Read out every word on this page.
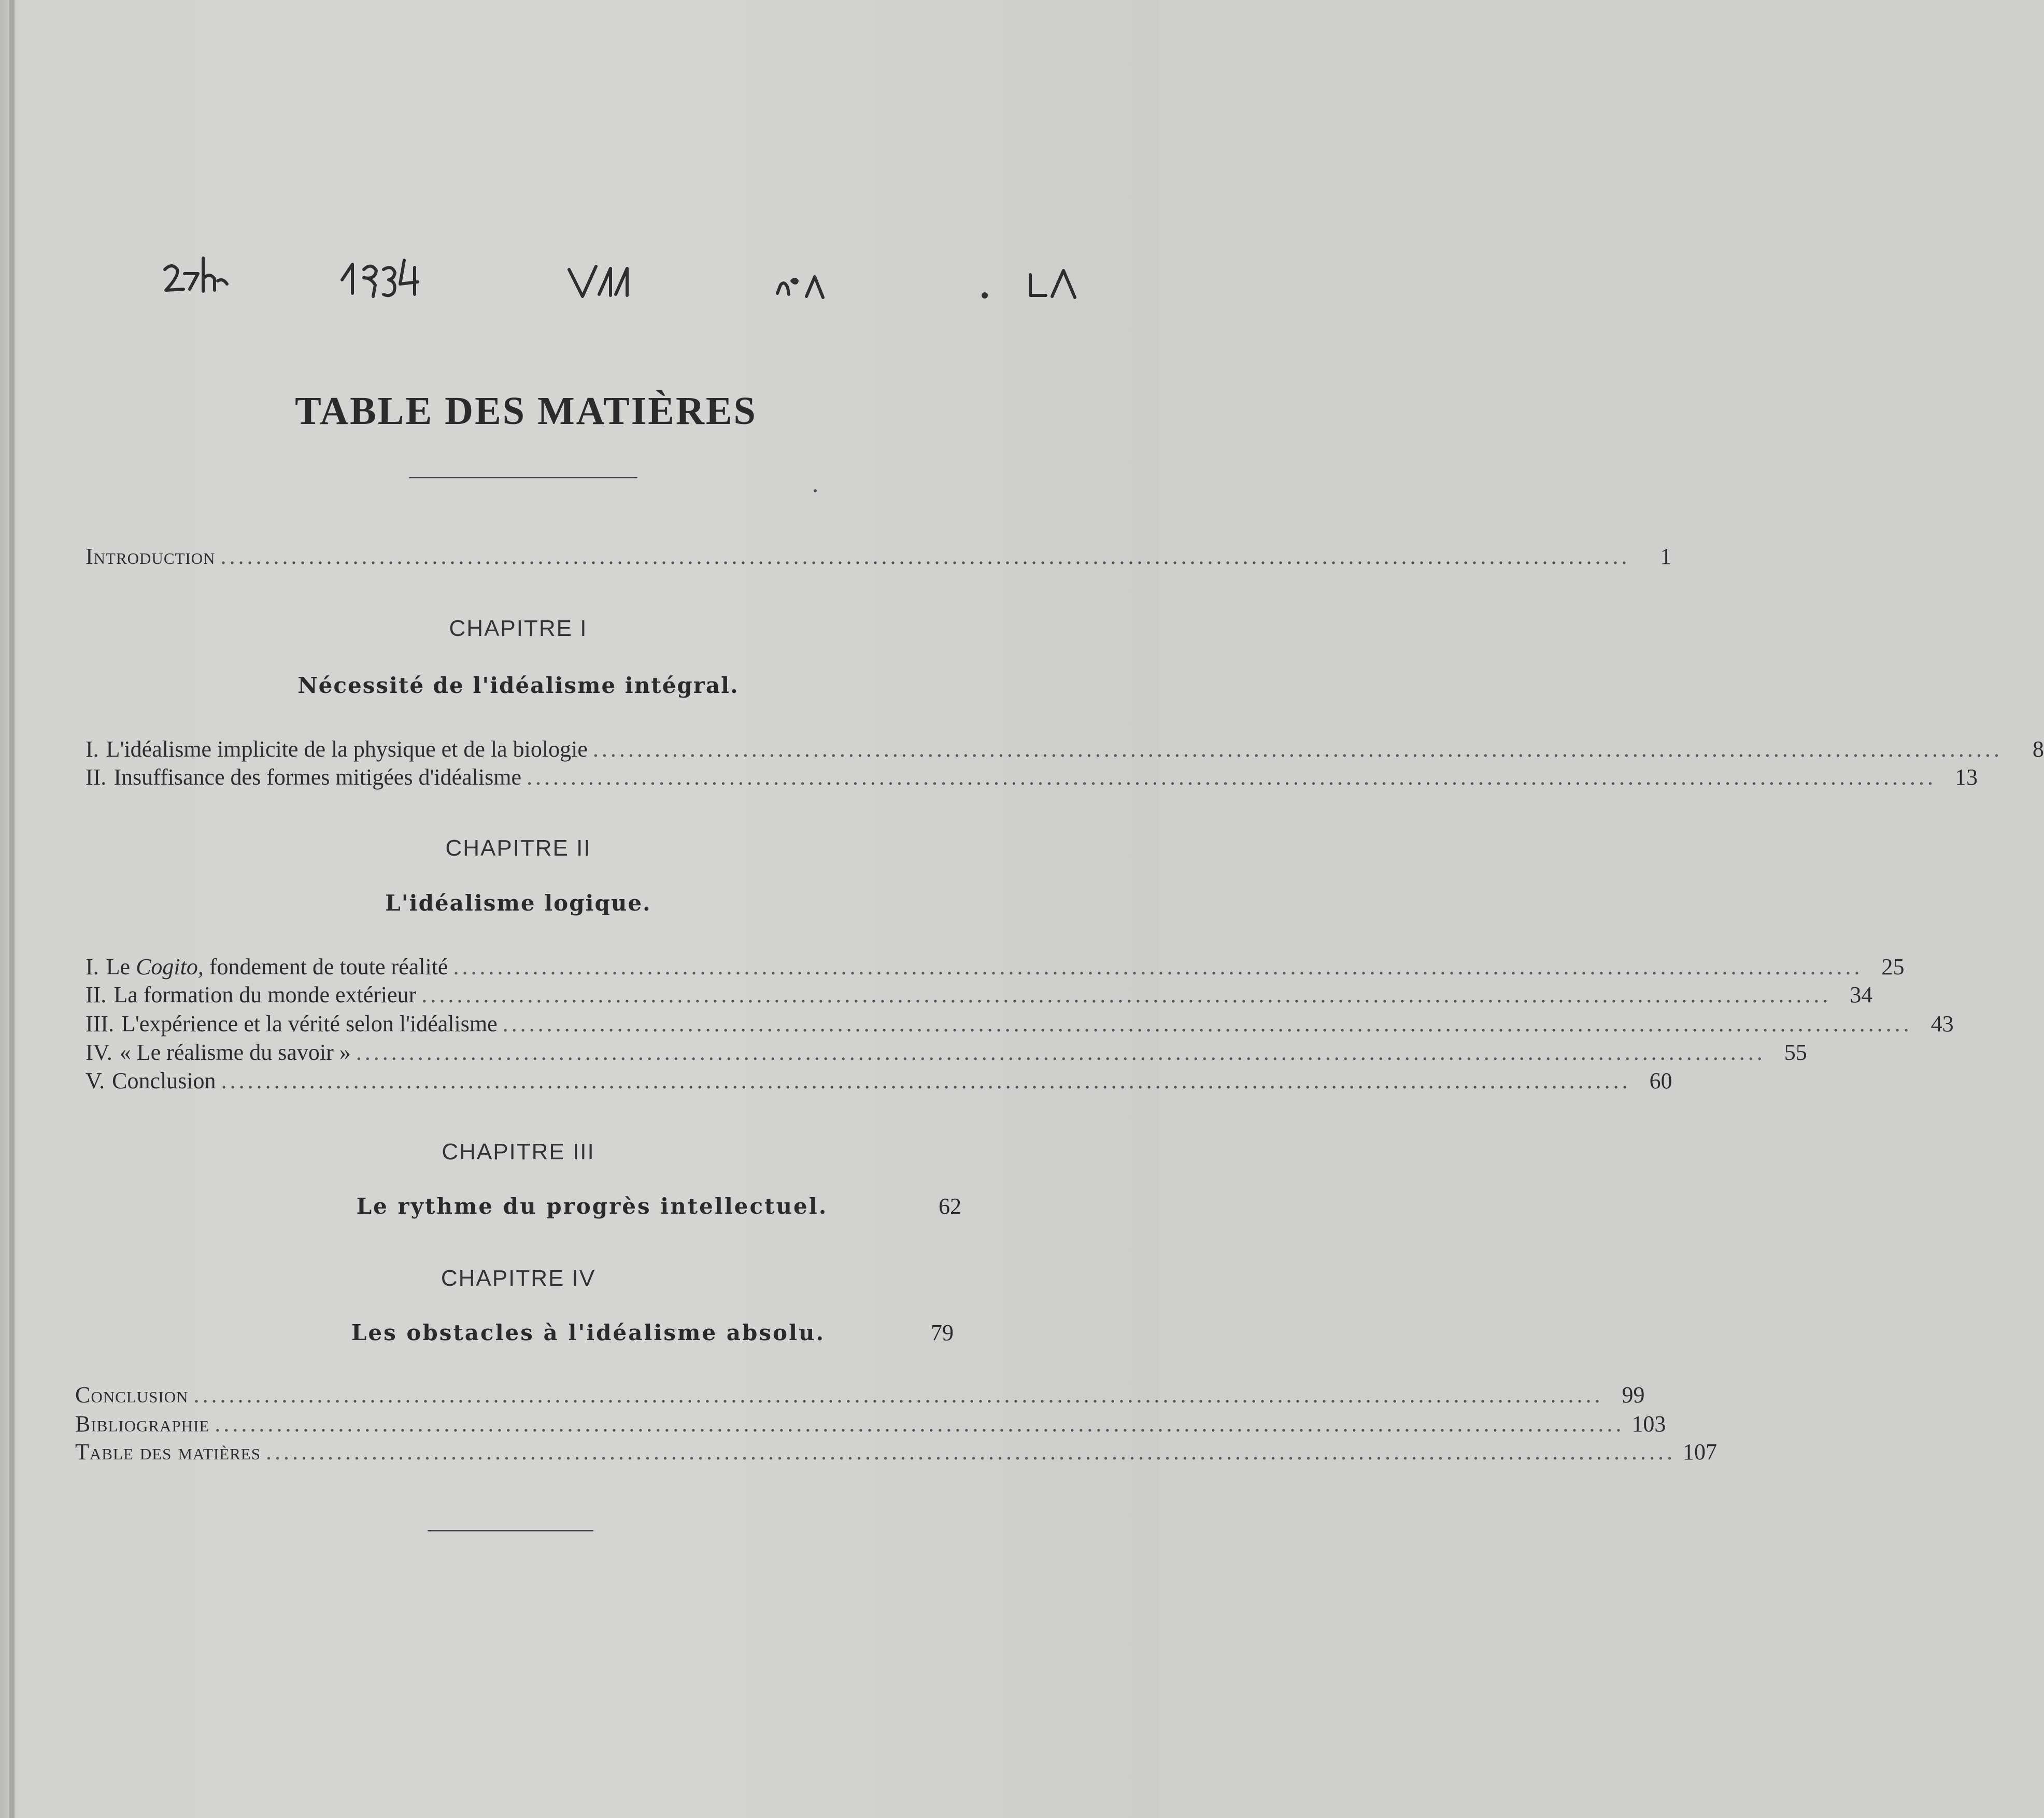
TABLE DES MATIÈRES
Introduction ................................................................................................................................................................	1
CHAPITRE I
Nécessité de l'idéalisme intégral.
I. L'idéalisme implicite de la physique et de la biologie ................................................................................................................................................................	8
II. Insuffisance des formes mitigées d'idéalisme ................................................................................................................................................................ 13
CHAPITRE II
L'idéalisme logique.
I. Le Cogito, fondement de toute réalité ................................................................................................................................................................ 25
II. La formation du monde extérieur ................................................................................................................................................................ 34
III. L'expérience et la vérité selon l'idéalisme ................................................................................................................................................................ 43
IV. « Le réalisme du savoir » ................................................................................................................................................................ 55
V. Conclusion ................................................................................................................................................................ 60
CHAPITRE III
Le rythme du progrès intellectuel.	62
CHAPITRE IV
Les obstacles à l'idéalisme absolu.	79
Conclusion ................................................................................................................................................................ 99
Bibliographie ................................................................................................................................................................ 103
Table des matières ................................................................................................................................................................ 107
